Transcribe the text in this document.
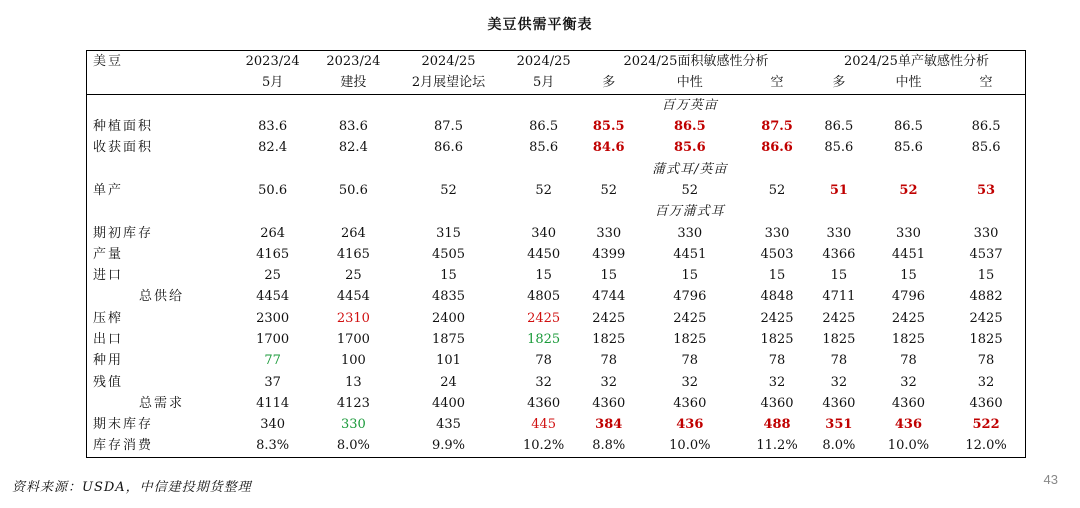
美豆供需平衡表
美豆	2023/24	2023/24	2024/25	2024/25	2024/25面积敏感性分析			2024/25单产敏感性分析		
	5月	建投	2月展望论坛	5月	多	中性	空	多	中性	空
						百万英亩				
种植面积	83.6	83.6	87.5	86.5	85.5	86.5	87.5	86.5	86.5	86.5
收获面积	82.4	82.4	86.6	85.6	84.6	85.6	86.6	85.6	85.6	85.6
						蒲式耳/英亩				
单产	50.6	50.6	52	52	52	52	52	51	52	53
						百万蒲式耳				
期初库存	264	264	315	340	330	330	330	330	330	330
产量	4165	4165	4505	4450	4399	4451	4503	4366	4451	4537
进口	25	25	15	15	15	15	15	15	15	15
总供给	4454	4454	4835	4805	4744	4796	4848	4711	4796	4882
压榨	2300	2310	2400	2425	2425	2425	2425	2425	2425	2425
出口	1700	1700	1875	1825	1825	1825	1825	1825	1825	1825
种用	77	100	101	78	78	78	78	78	78	78
残值	37	13	24	32	32	32	32	32	32	32
总需求	4114	4123	4400	4360	4360	4360	4360	4360	4360	4360
期末库存	340	330	435	445	384	436	488	351	436	522
库存消费	8.3%	8.0%	9.9%	10.2%	8.8%	10.0%	11.2%	8.0%	10.0%	12.0%
资料来源：USDA，中信建投期货整理
43
